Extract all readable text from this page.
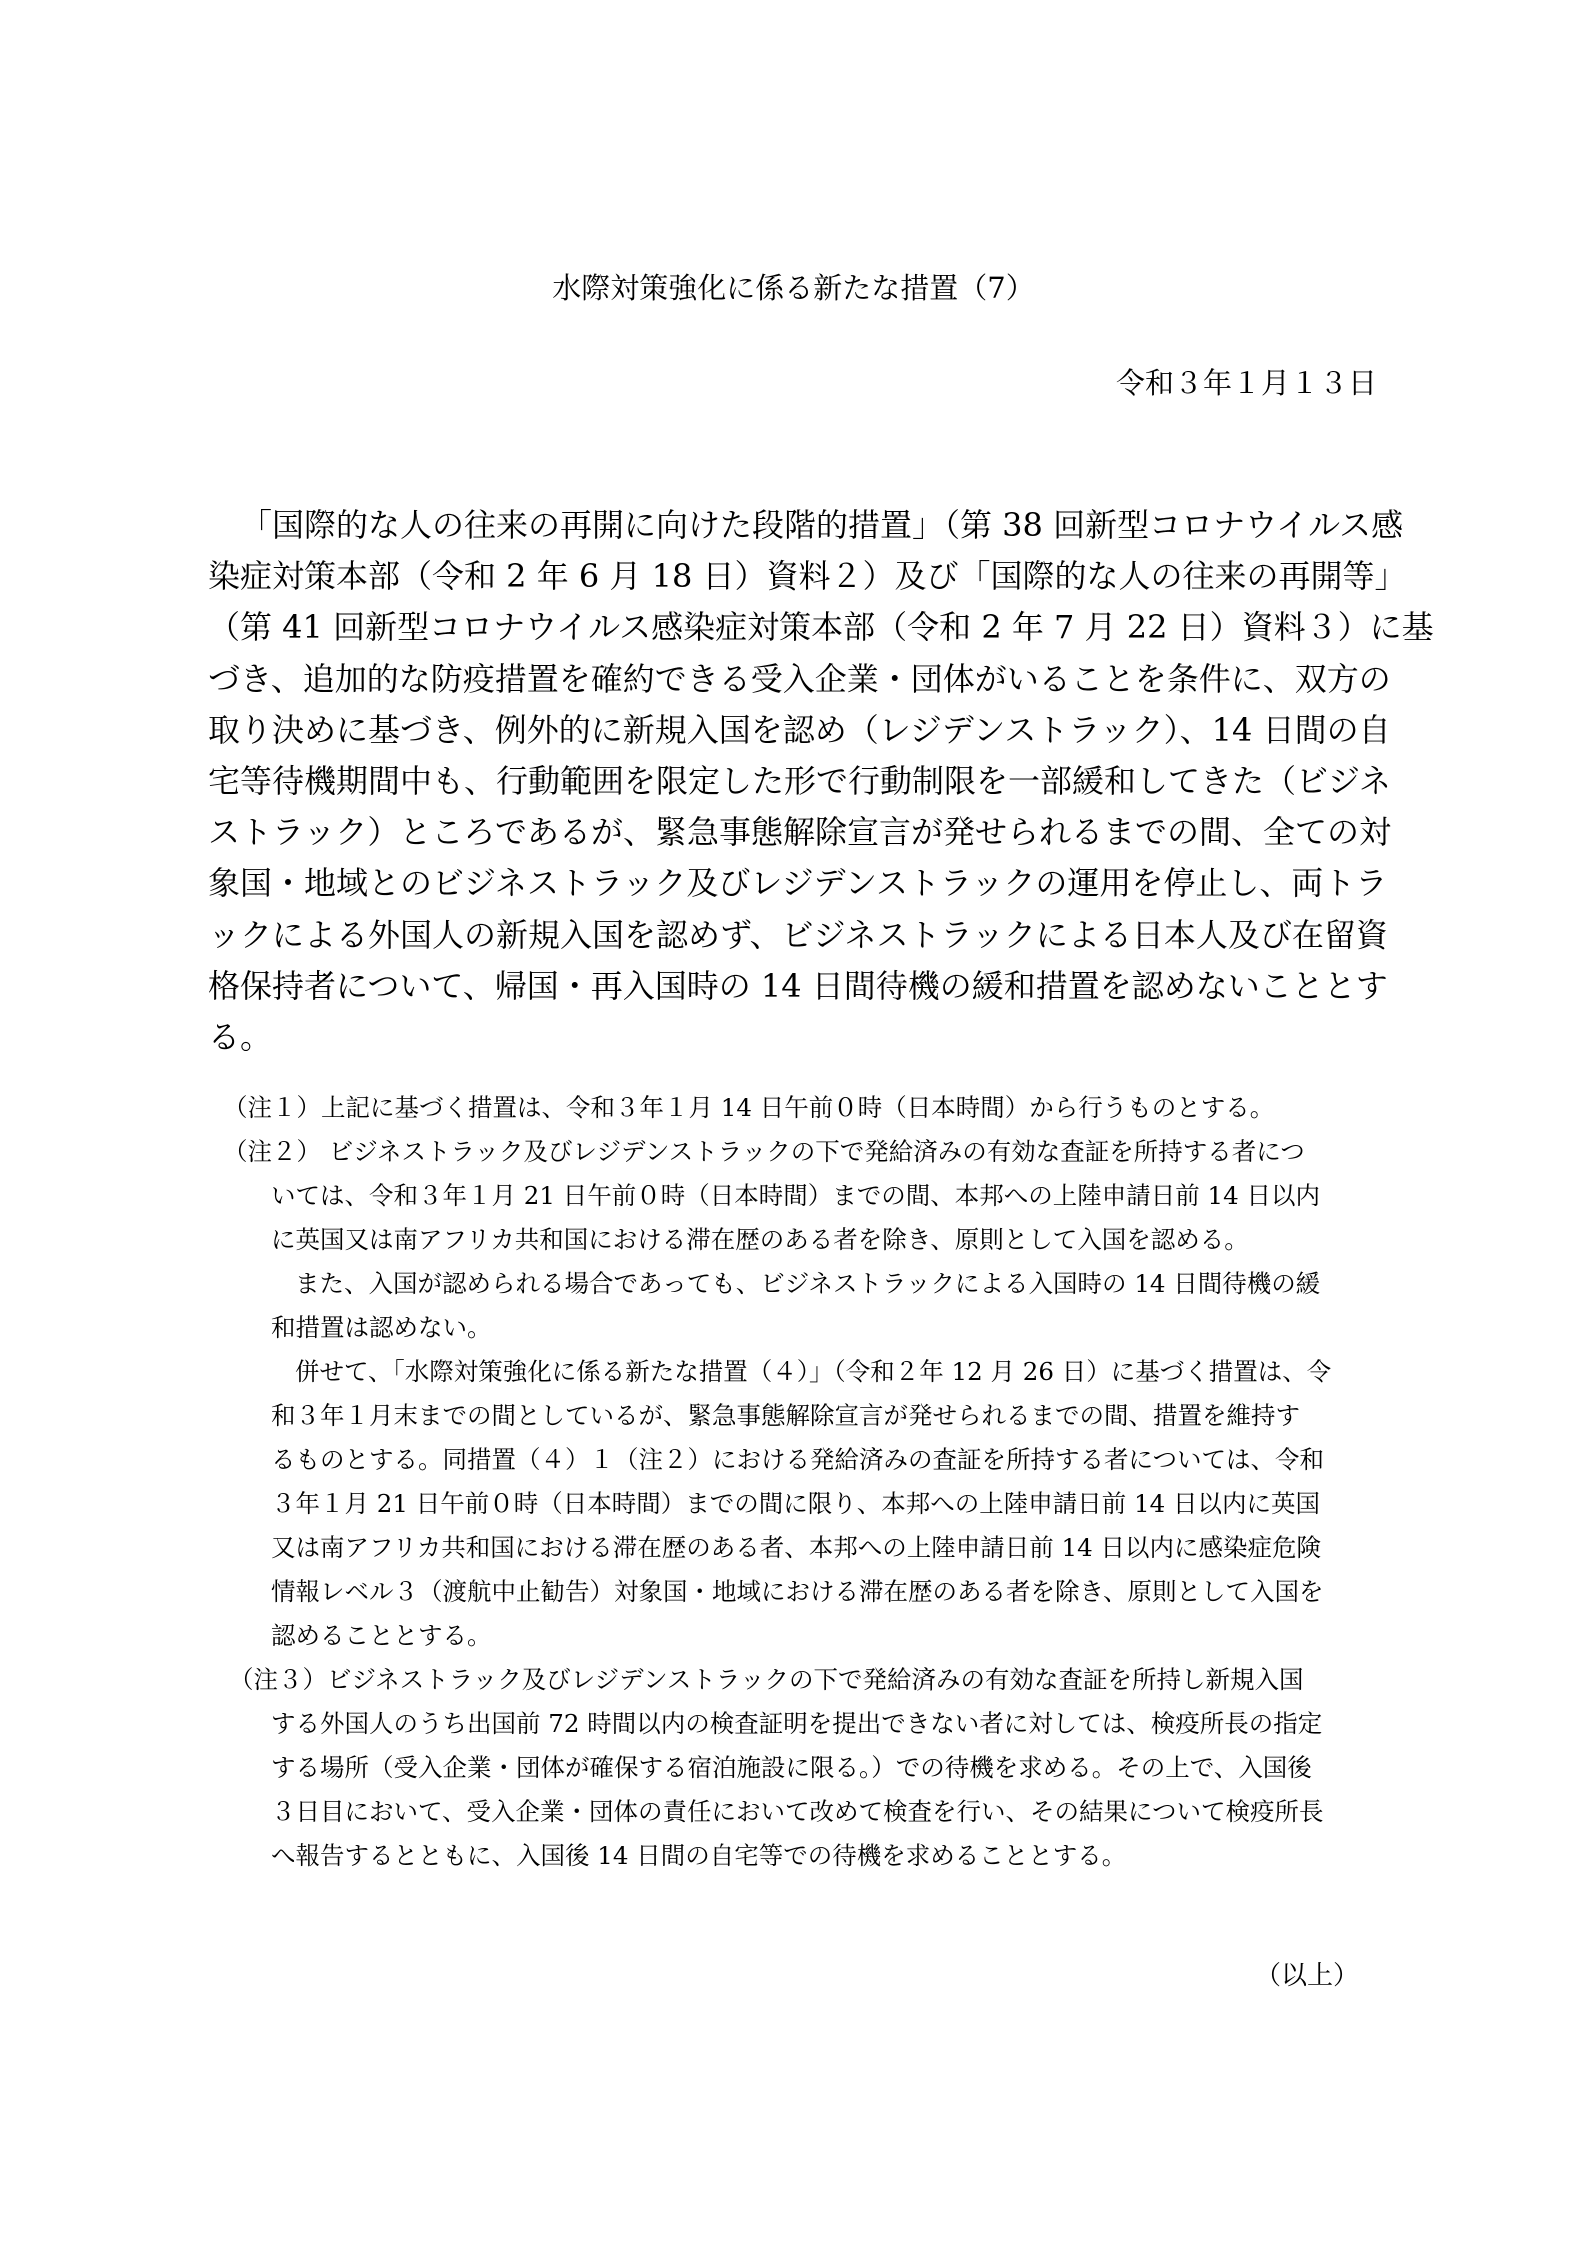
水際対策強化に係る新たな措置（7）
令和３年１月１３日
「国際的な人の往来の再開に向けた段階的措置」（第 38 回新型コロナウイルス感
染症対策本部（令和 2 年 6 月 18 日）資料２）及び「国際的な人の往来の再開等」
（第 41 回新型コロナウイルス感染症対策本部（令和 2 年 7 月 22 日）資料３）に基
づき、追加的な防疫措置を確約できる受入企業・団体がいることを条件に、双方の
取り決めに基づき、例外的に新規入国を認め（レジデンストラック）、14 日間の自
宅等待機期間中も、行動範囲を限定した形で行動制限を一部緩和してきた（ビジネ
ストラック）ところであるが、緊急事態解除宣言が発せられるまでの間、全ての対
象国・地域とのビジネストラック及びレジデンストラックの運用を停止し、両トラ
ックによる外国人の新規入国を認めず、ビジネストラックによる日本人及び在留資
格保持者について、帰国・再入国時の 14 日間待機の緩和措置を認めないこととす
る。
（注１）上記に基づく措置は、令和３年１月 14 日午前０時（日本時間）から行うものとする。
（注２） ビジネストラック及びレジデンストラックの下で発給済みの有効な査証を所持する者につ
いては、令和３年１月 21 日午前０時（日本時間）までの間、本邦への上陸申請日前 14 日以内
に英国又は南アフリカ共和国における滞在歴のある者を除き、原則として入国を認める。
また、入国が認められる場合であっても、ビジネストラックによる入国時の 14 日間待機の緩
和措置は認めない。
併せて、「水際対策強化に係る新たな措置（４）」（令和２年 12 月 26 日）に基づく措置は、令
和３年１月末までの間としているが、緊急事態解除宣言が発せられるまでの間、措置を維持す
るものとする。同措置（４）１（注２）における発給済みの査証を所持する者については、令和
３年１月 21 日午前０時（日本時間）までの間に限り、本邦への上陸申請日前 14 日以内に英国
又は南アフリカ共和国における滞在歴のある者、本邦への上陸申請日前 14 日以内に感染症危険
情報レベル３（渡航中止勧告）対象国・地域における滞在歴のある者を除き、原則として入国を
認めることとする。
（注３）ビジネストラック及びレジデンストラックの下で発給済みの有効な査証を所持し新規入国
する外国人のうち出国前 72 時間以内の検査証明を提出できない者に対しては、検疫所長の指定
する場所（受入企業・団体が確保する宿泊施設に限る。）での待機を求める。その上で、入国後
３日目において、受入企業・団体の責任において改めて検査を行い、その結果について検疫所長
へ報告するとともに、入国後 14 日間の自宅等での待機を求めることとする。
（以上）
